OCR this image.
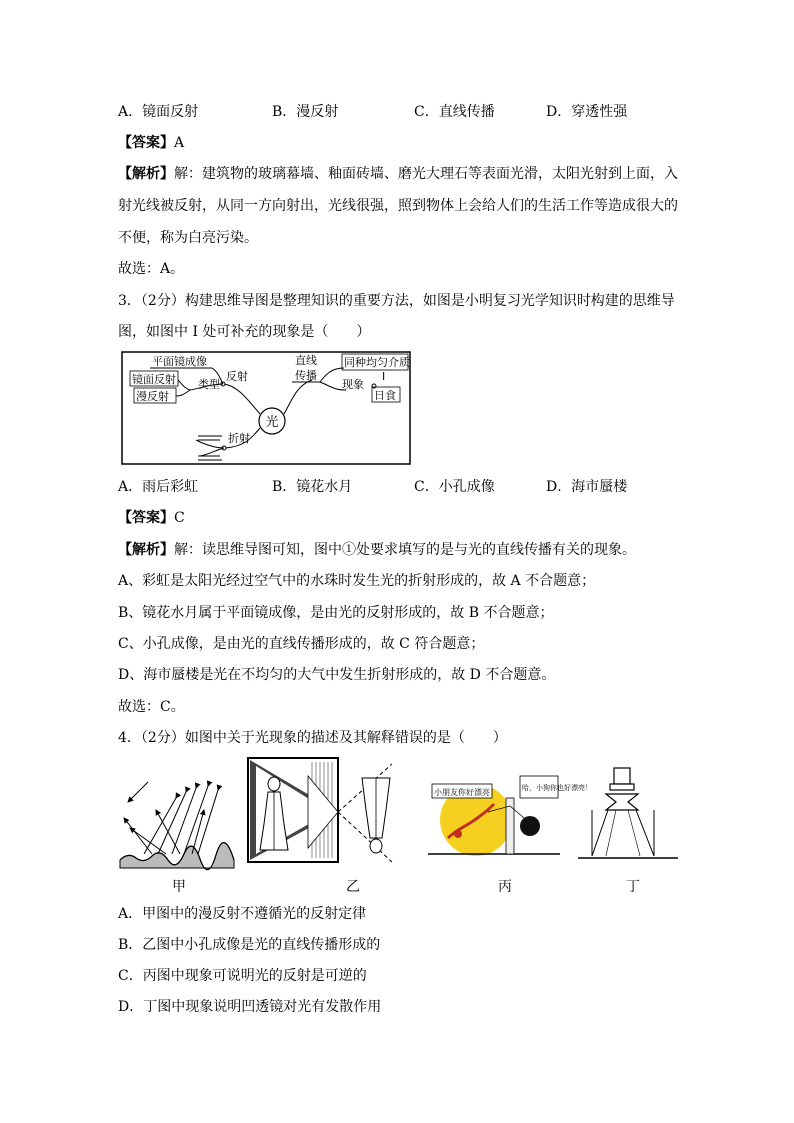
A．镜面反射	B．漫反射	C．直线传播	D．穿透性强
【答案】A
【解析】解：建筑物的玻璃幕墙、釉面砖墙、磨光大理石等表面光滑，太阳光射到上面，入
射光线被反射，从同一方向射出，光线很强，照到物体上会给人们的生活工作等造成很大的
不便，称为白亮污染。
故选：A。
3．（2分）构建思维导图是整理知识的重要方法，如图是小明复习光学知识时构建的思维导
图，如图中 I 处可补充的现象是（　　）
光
反射
类型
平面镜成像
镜面反射
漫反射
直线
传播
同种均匀介质
I
现象
日食
折射
A．雨后彩虹	B．镜花水月	C．小孔成像	D．海市蜃楼
【答案】C
【解析】解：读思维导图可知，图中①处要求填写的是与光的直线传播有关的现象。
A、彩虹是太阳光经过空气中的水珠时发生光的折射形成的，故 A 不合题意；
B、镜花水月属于平面镜成像，是由光的反射形成的，故 B 不合题意；
C、小孔成像，是由光的直线传播形成的，故 C 符合题意；
D、海市蜃楼是光在不均匀的大气中发生折射形成的，故 D 不合题意。
故选：C。
4．（2分）如图中关于光现象的描述及其解释错误的是（　　）
小朋友你好漂亮！	哈，小狗你也好漂亮！
甲	乙	丙	丁
A．甲图中的漫反射不遵循光的反射定律
B．乙图中小孔成像是光的直线传播形成的
C．丙图中现象可说明光的反射是可逆的
D．丁图中现象说明凹透镜对光有发散作用
